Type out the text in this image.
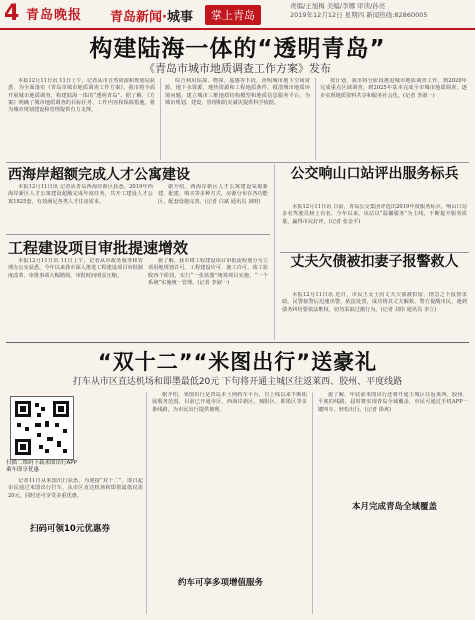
4 青岛晚报 青岛新闻·城事	掌上青岛
责编/王旭梅 美编/李娜 审读/孙亮
2019年12月12日 星期四 新闻热线:82860005
构建陆海一体的“透明青岛”
《青岛市城市地质调查工作方案》发布

本报12月11日讯 11日上午，记者从市自然资源和规划局获悉，为全面落实《青岛市城市地质调查工作方案》，我市将全面开展城市地质调查，构建陆海一体的“透明青岛”。据了解，《方案》明确了城市地质调查的目标任务、工作内容和保障措施，将为城市规划建设和管理提供有力支撑。

综合利用钻探、物探、遥感等手段，查明城市地下空间资源、地下水资源、地热资源和工程地质条件，摸清城市地质环境问题，建立城市三维地质结构模型和地质信息服务平台，为城市规划、建设、管理和防灾减灾提供科学依据。

按计划，我市将分阶段推进城市地质调查工作，到2020年完成重点区域调查，到2025年基本完成全市城市地质调查，逐步实现地质资料共享和服务社会化。(记者 李淑一)

西海岸超额完成人才公寓建设

本报12月11日讯 记者从青岛西海岸新区获悉，2019年西海岸新区人才公寓建设超额完成年度任务，共开工建设人才公寓1825套，有效满足各类人才住房需求。

据介绍，西海岸新区人才公寓建设采取新建、配建、购买等多种方式，房源分布在各功能区，配套设施完善。(记者 白斌 通讯员 刘明)

工程建设项目审批提速增效

本报12月11日讯 11日上午，记者从市政务服务和管理办公室获悉，今年以来我市深入推进工程建设项目审批制度改革，审批事项大幅精简，审批时间明显压缩。

据了解，我市将工程建设项目审批流程划分为立项用地规划许可、工程建设许可、施工许可、竣工验收四个阶段，实行“一张蓝图”统筹项目实施、“一个系统”实施统一管理。(记者 李淑一)

公交响山口站评出服务标兵

本报12月11日讯 日前，青岛公交集团评选出2019年度服务标兵，响山口站多名驾驶员榜上有名。今年以来，该站以“温馨服务”为主线，不断提升服务质量，赢得市民好评。(记者 张金平)

丈夫欠债被扣妻子报警救人

本报12月11日讯 近日，市民王女士因丈夫欠债被扣留，情急之下报警求助。民警接警后迅速出警，依法处置，成功将其丈夫解救。警方提醒市民，遇到债务纠纷要依法维权，切勿采取过激行为。(记者 刘伟 通讯员 李立)

“双十二”“米图出行”送豪礼
打车从市区直达机场和即墨最低20元 下句将开通主城区往返莱西、胶州、平度线路
扫描二维码下载米图出行APP 乘车即享优惠

记者11日从米图出行获悉，为迎接“双十二”，即日起市民通过米图出行打车，从市区直达机场和即墨最低仅需20元，同时还可享受多重优惠。

扫码可领10元优惠券

据介绍，米图出行是青岛本土网约车平台，自上线以来不断拓展服务范围，目前已开通市区、西海岸新区、城阳区、即墨区等多条线路，为市民出行提供便利。

约车可享多项增值服务

据了解，年底前米图出行还将开通主城区往返莱西、胶州、平度的线路，届时将实现青岛全域覆盖，市民可通过手机APP一键叫车，轻松出行。(记者 徐爽)

本月完成青岛全域覆盖
